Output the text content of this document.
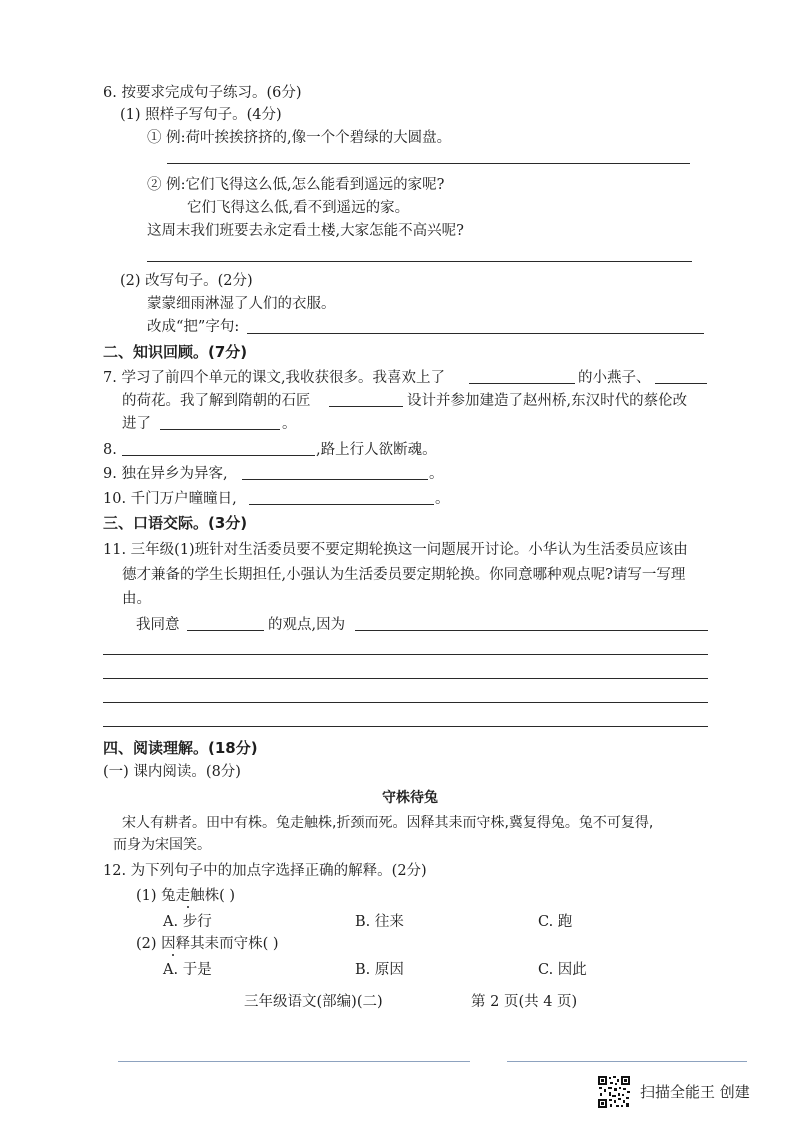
6. 按要求完成句子练习。(6分)
(1) 照样子写句子。(4分)
① 例:荷叶挨挨挤挤的,像一个个碧绿的大圆盘。
② 例:它们飞得这么低,怎么能看到遥远的家呢?
它们飞得这么低,看不到遥远的家。
这周末我们班要去永定看土楼,大家怎能不高兴呢?
(2) 改写句子。(2分)
蒙蒙细雨淋湿了人们的衣服。
改成“把”字句:
二、知识回顾。(7分)
7. 学习了前四个单元的课文,我收获很多。我喜欢上了	的小燕子、
的荷花。我了解到隋朝的石匠	设计并参加建造了赵州桥,东汉时代的蔡伦改
进了	。
8.	,路上行人欲断魂。
9. 独在异乡为异客,	。
10. 千门万户曈曈日,	。
三、口语交际。(3分)
11. 三年级(1)班针对生活委员要不要定期轮换这一问题展开讨论。小华认为生活委员应该由
德才兼备的学生长期担任,小强认为生活委员要定期轮换。你同意哪种观点呢?请写一写理
由。
我同意	的观点,因为
四、阅读理解。(18分)
(一) 课内阅读。(8分)
守株待兔
宋人有耕者。田中有株。兔走触株,折颈而死。因释其耒而守株,冀复得兔。兔不可复得,
而身为宋国笑。
12. 为下列句子中的加点字选择正确的解释。(2分)
(1) 兔走触株( )
A. 步行	B. 往来	C. 跑
(2) 因释其耒而守株( )
A. 于是	B. 原因	C. 因此
三年级语文(部编)(二)	第 2 页(共 4 页)
扫描全能王 创建
